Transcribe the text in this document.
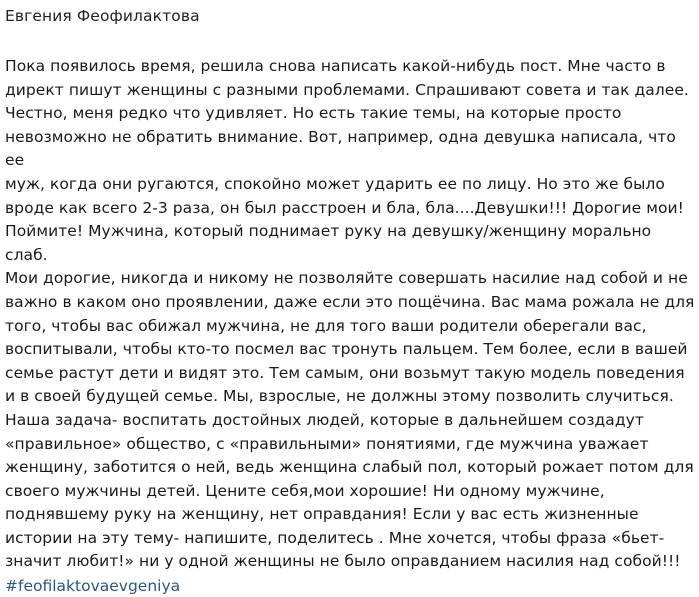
Евгения Феофилактова
Пока появилось время, решила снова написать какой-нибудь пост. Мне часто в
директ пишут женщины с разными проблемами. Спрашивают совета и так далее.
Честно, меня редко что удивляет. Но есть такие темы, на которые просто
невозможно не обратить внимание. Вот, например, одна девушка написала, что ее
муж, когда они ругаются, спокойно может ударить ее по лицу. Но это же было
вроде как всего 2-3 раза, он был расстроен и бла, бла....Девушки!!! Дорогие мои!
Поймите! Мужчина, который поднимает руку на девушку/женщину морально слаб.
Мои дорогие, никогда и никому не позволяйте совершать насилие над собой и не
важно в каком оно проявлении, даже если это пощёчина. Вас мама рожала не для
того, чтобы вас обижал мужчина, не для того ваши родители оберегали вас,
воспитывали, чтобы кто-то посмел вас тронуть пальцем. Тем более, если в вашей
семье растут дети и видят это. Тем самым, они возьмут такую модель поведения
и в своей будущей семье. Мы, взрослые, не должны этому позволить случиться.
Наша задача- воспитать достойных людей, которые в дальнейшем создадут
«правильное» общество, с «правильными» понятиями, где мужчина уважает
женщину, заботится о ней, ведь женщина слабый пол, который рожает потом для
своего мужчины детей. Цените себя,мои хорошие! Ни одному мужчине,
поднявшему руку на женщину, нет оправдания! Если у вас есть жизненные
истории на эту тему- напишите, поделитесь . Мне хочется, чтобы фраза «бьет-
значит любит!» ни у одной женщины не было оправданием насилия над собой!!!
#feofilaktovaevgeniya
